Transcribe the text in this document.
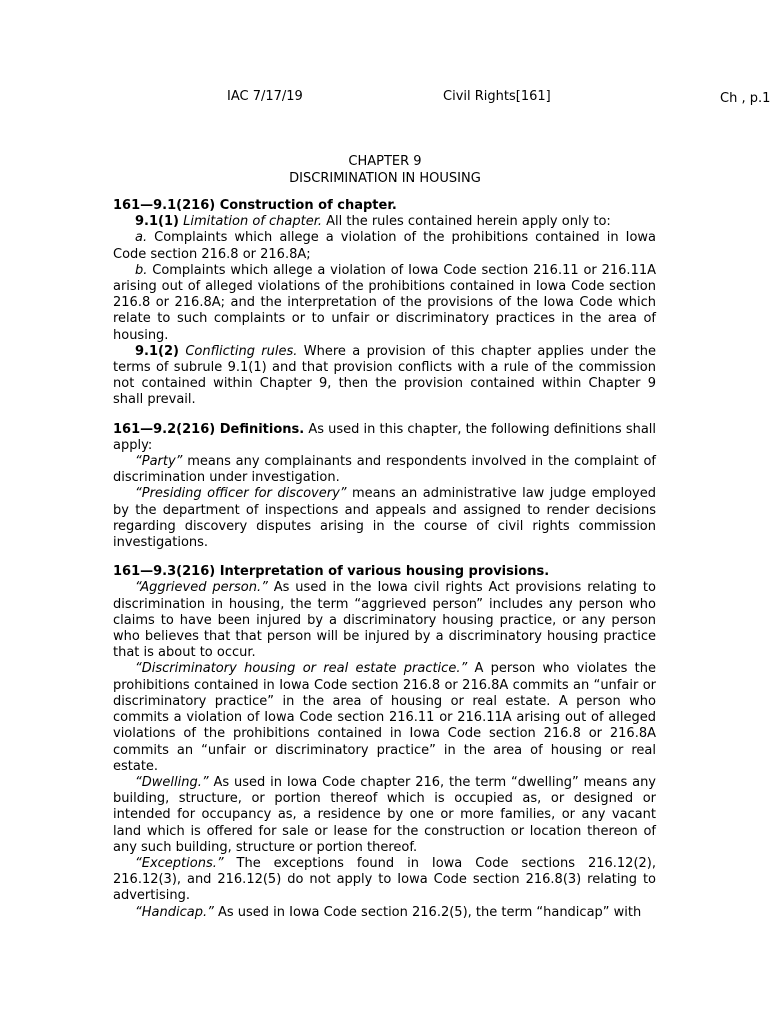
IAC 7/17/19	Civil Rights[161]	Ch , p.1
CHAPTER 9
DISCRIMINATION IN HOUSING

161—9.1(216) Construction of chapter.

9.1(1) Limitation of chapter. All the rules contained herein apply only to:

a. Complaints which allege a violation of the prohibitions contained in Iowa Code section 216.8 or 216.8A;

b. Complaints which allege a violation of Iowa Code section 216.11 or 216.11A arising out of alleged violations of the prohibitions contained in Iowa Code section 216.8 or 216.8A; and the interpretation of the provisions of the Iowa Code which relate to such complaints or to unfair or discriminatory practices in the area of housing.

9.1(2) Conflicting rules. Where a provision of this chapter applies under the terms of subrule 9.1(1) and that provision conflicts with a rule of the commission not contained within Chapter 9, then the provision contained within Chapter 9 shall prevail.

161—9.2(216) Definitions. As used in this chapter, the following definitions shall apply:

“Party” means any complainants and respondents involved in the complaint of discrimination under investigation.

“Presiding officer for discovery” means an administrative law judge employed by the department of inspections and appeals and assigned to render decisions regarding discovery disputes arising in the course of civil rights commission investigations.

161—9.3(216) Interpretation of various housing provisions.

“Aggrieved person.” As used in the Iowa civil rights Act provisions relating to discrimination in housing, the term “aggrieved person” includes any person who claims to have been injured by a discriminatory housing practice, or any person who believes that that person will be injured by a discriminatory housing practice that is about to occur.

“Discriminatory housing or real estate practice.” A person who violates the prohibitions contained in Iowa Code section 216.8 or 216.8A commits an “unfair or discriminatory practice” in the area of housing or real estate. A person who commits a violation of Iowa Code section 216.11 or 216.11A arising out of alleged violations of the prohibitions contained in Iowa Code section 216.8 or 216.8A commits an “unfair or discriminatory practice” in the area of housing or real estate.

“Dwelling.” As used in Iowa Code chapter 216, the term “dwelling” means any building, structure, or portion thereof which is occupied as, or designed or intended for occupancy as, a residence by one or more families, or any vacant land which is offered for sale or lease for the construction or location thereon of any such building, structure or portion thereof.

“Exceptions.” The exceptions found in Iowa Code sections 216.12(2), 216.12(3), and 216.12(5) do not apply to Iowa Code section 216.8(3) relating to advertising.

“Handicap.” As used in Iowa Code section 216.2(5), the term “handicap” with
